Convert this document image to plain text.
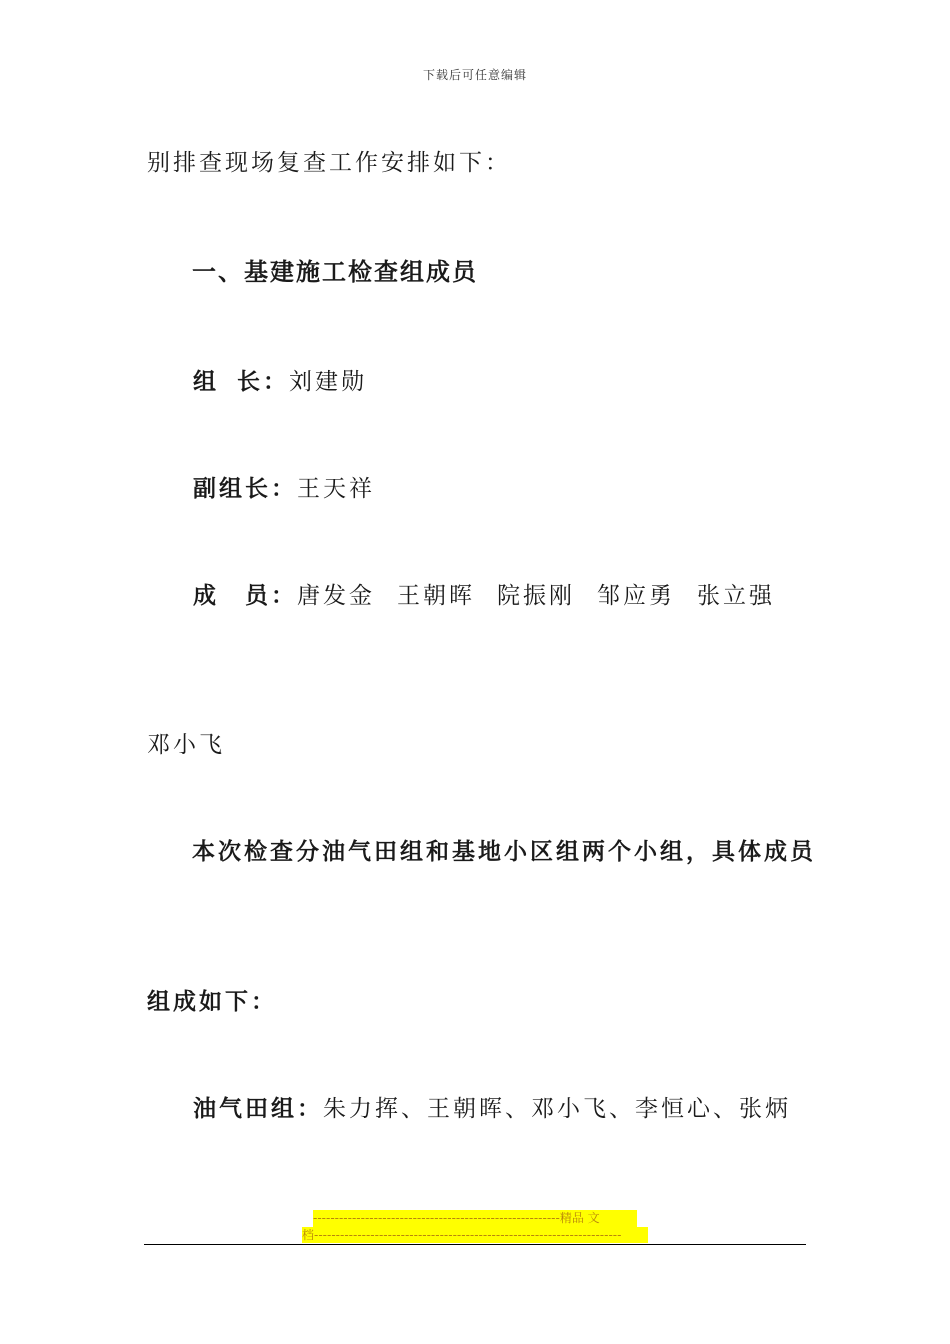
下载后可任意编辑
别排查现场复查工作安排如下：
一、基建施工检查组成员
组 长：刘建勋
副组长：王天祥
成 员：唐发金 王朝晖 院振刚 邹应勇 张立强
邓小飞
本次检查分油气田组和基地小区组两个小组，具体成员
组成如下：
油气田组：朱力挥、王朝晖、邓小飞、李恒心、张炳
---------------------------------------------------------精品 文
档-----------------------------------------------------------------------
